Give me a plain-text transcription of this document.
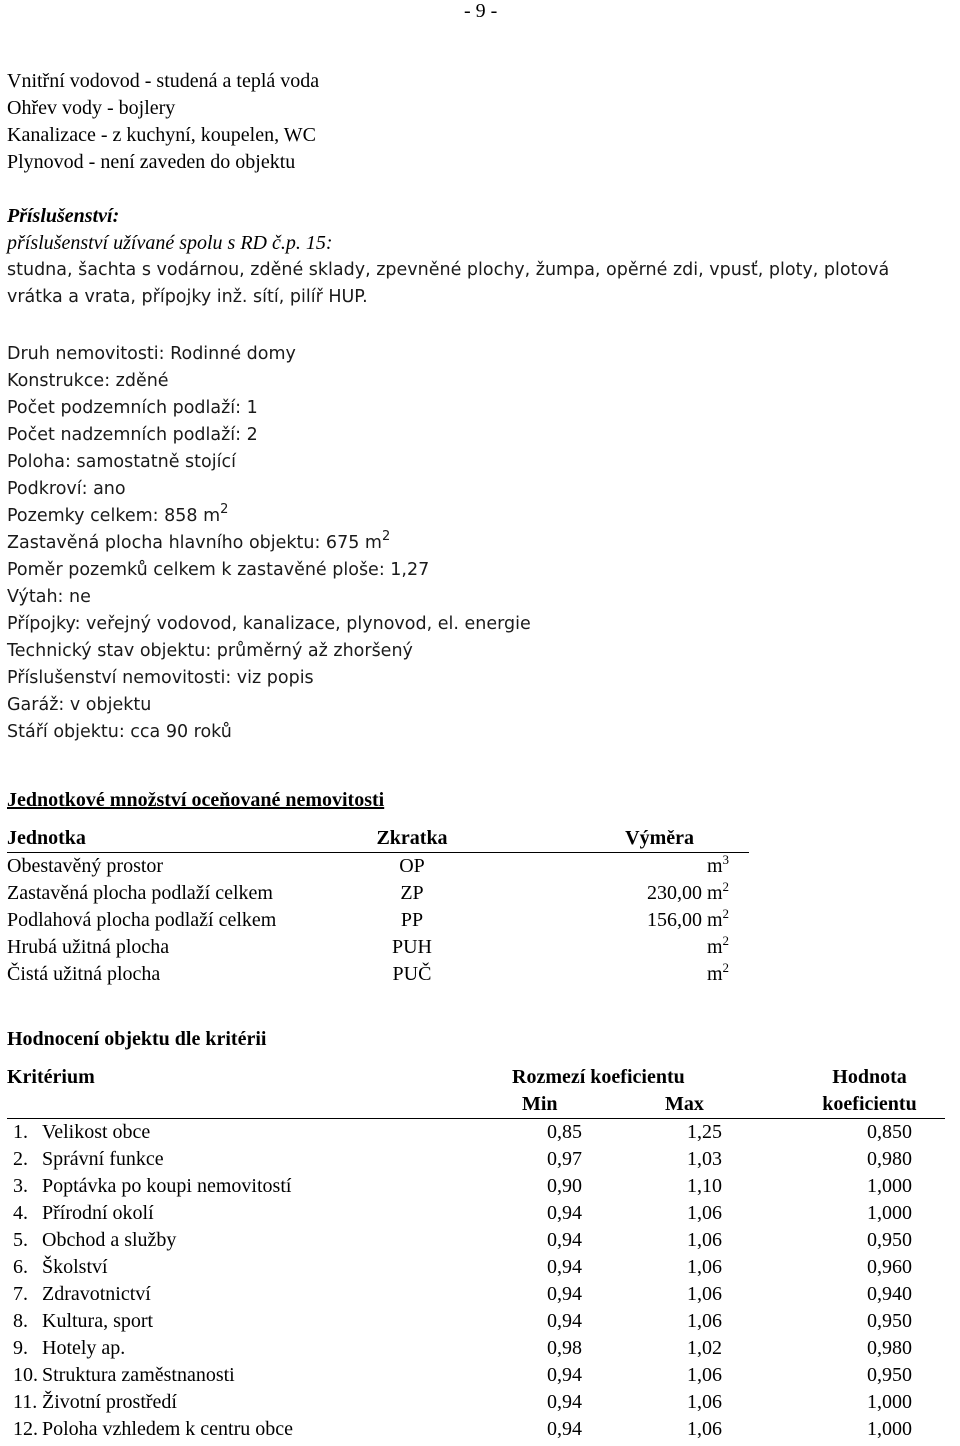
- 9 -
Vnitřní vodovod - studená a teplá voda
Ohřev vody - bojlery
Kanalizace - z kuchyní, koupelen, WC
Plynovod - není zaveden do objektu
Příslušenství:
příslušenství užívané spolu s RD č.p. 15:
studna, šachta s vodárnou, zděné sklady, zpevněné plochy, žumpa, opěrné zdi, vpusť, ploty, plotová
vrátka a vrata, přípojky inž. sítí, pilíř HUP.
Druh nemovitosti: Rodinné domy
Konstrukce: zděné
Počet podzemních podlaží: 1
Počet nadzemních podlaží: 2
Poloha: samostatně stojící
Podkroví: ano
Pozemky celkem: 858 $m^2$
Zastavěná plocha hlavního objektu: 675 $m^2$
Poměr pozemků celkem k zastavěné ploše: 1,27
Výtah: ne
Přípojky: veřejný vodovod, kanalizace, plynovod, el. energie
Technický stav objektu: průměrný až zhoršený
Příslušenství nemovitosti: viz popis
Garáž: v objektu
Stáří objektu: cca 90 roků
Jednotkové množství oceňované nemovitosti
Jednotka	Zkratka	Výměra
Obestavěný prostor	OP	$m^3$
Zastavěná plocha podlaží celkem	ZP	230,00 $m^2$
Podlahová plocha podlaží celkem	PP	156,00 $m^2$
Hrubá užitná plocha	PUH	$m^2$
Čistá užitná plocha	PUČ	$m^2$
Hodnocení objektu dle kritérii
Kritérium	Rozmezí koeficientu	Hodnota
Min	Max	koeficientu
1. Velikost obce	0,85	1,25	0,850
2. Správní funkce	0,97	1,03	0,980
3. Poptávka po koupi nemovitostí	0,90	1,10	1,000
4. Přírodní okolí	0,94	1,06	1,000
5. Obchod a služby	0,94	1,06	0,950
6. Školství	0,94	1,06	0,960
7. Zdravotnictví	0,94	1,06	0,940
8. Kultura, sport	0,94	1,06	0,950
9. Hotely ap.	0,98	1,02	0,980
10. Struktura zaměstnanosti	0,94	1,06	0,950
11. Životní prostředí	0,94	1,06	1,000
12. Poloha vzhledem k centru obce	0,94	1,06	1,000
